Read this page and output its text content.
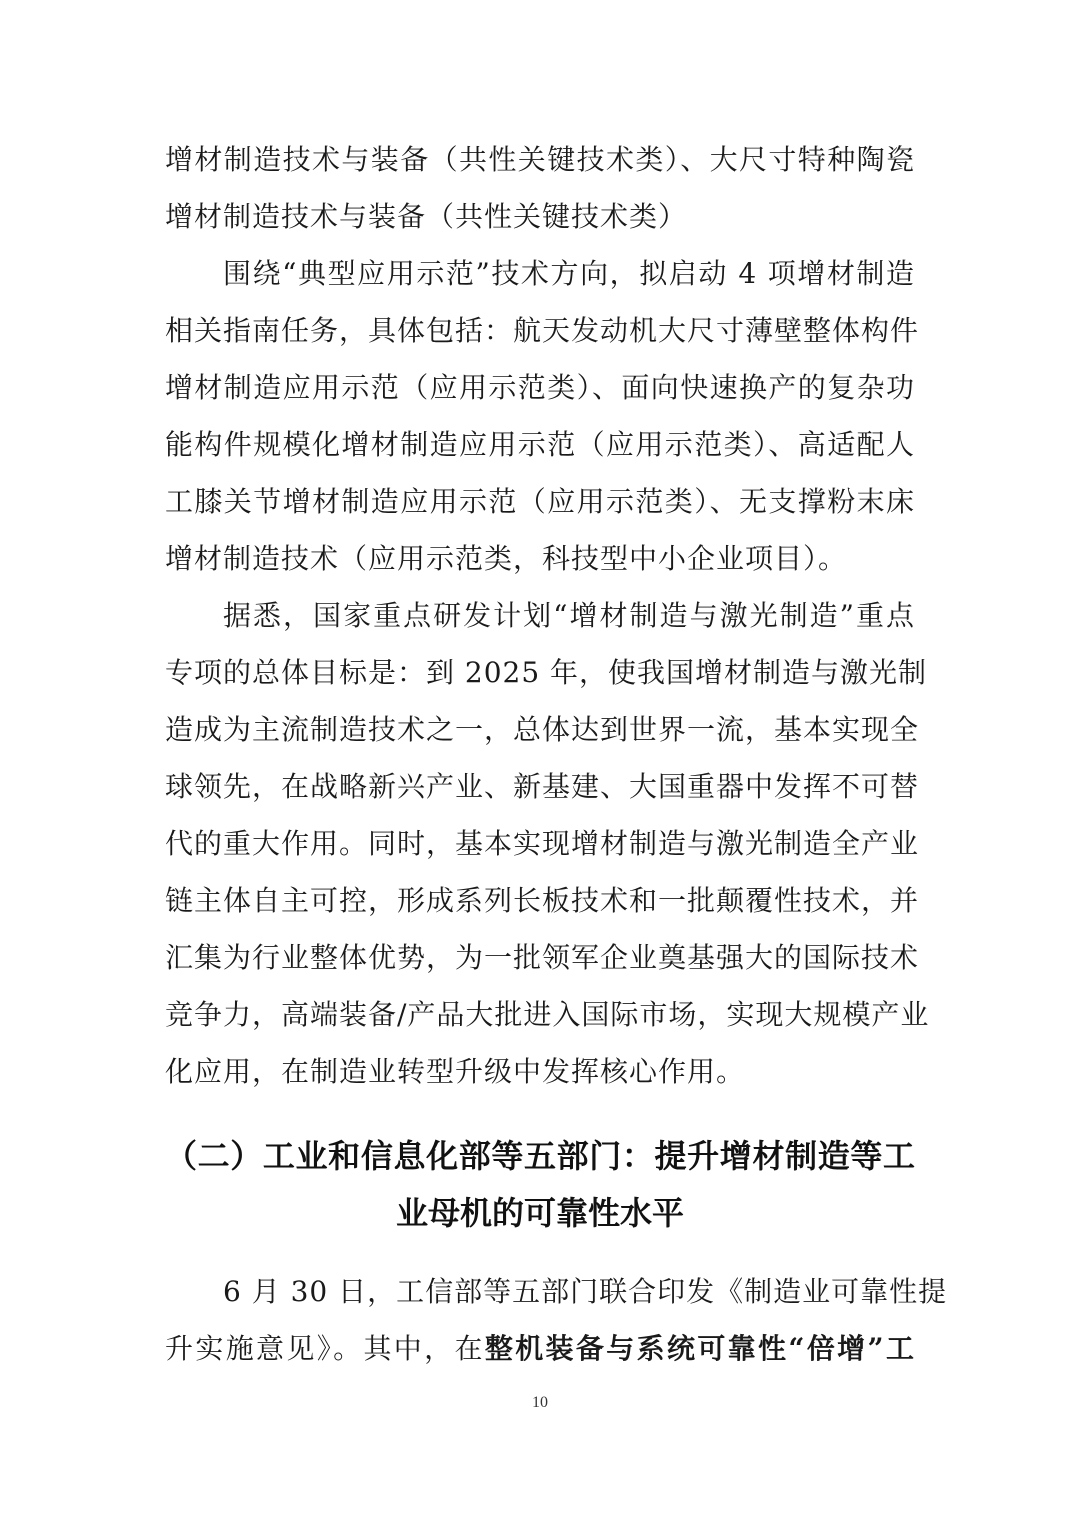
增材制造技术与装备（共性关键技术类）、大尺寸特种陶瓷
增材制造技术与装备（共性关键技术类）
围绕“典型应用示范”技术方向，拟启动 4 项增材制造
相关指南任务，具体包括：航天发动机大尺寸薄壁整体构件
增材制造应用示范（应用示范类）、面向快速换产的复杂功
能构件规模化增材制造应用示范（应用示范类）、高适配人
工膝关节增材制造应用示范（应用示范类）、无支撑粉末床
增材制造技术（应用示范类，科技型中小企业项目）。
据悉，国家重点研发计划“增材制造与激光制造”重点
专项的总体目标是：到 2025 年，使我国增材制造与激光制
造成为主流制造技术之一，总体达到世界一流，基本实现全
球领先，在战略新兴产业、新基建、大国重器中发挥不可替
代的重大作用。同时，基本实现增材制造与激光制造全产业
链主体自主可控，形成系列长板技术和一批颠覆性技术，并
汇集为行业整体优势，为一批领军企业奠基强大的国际技术
竞争力，高端装备/产品大批进入国际市场，实现大规模产业
化应用，在制造业转型升级中发挥核心作用。
（二）工业和信息化部等五部门：提升增材制造等工
业母机的可靠性水平
6 月 30 日，工信部等五部门联合印发《制造业可靠性提
升实施意见》。其中，在整机装备与系统可靠性“倍增”工
10
